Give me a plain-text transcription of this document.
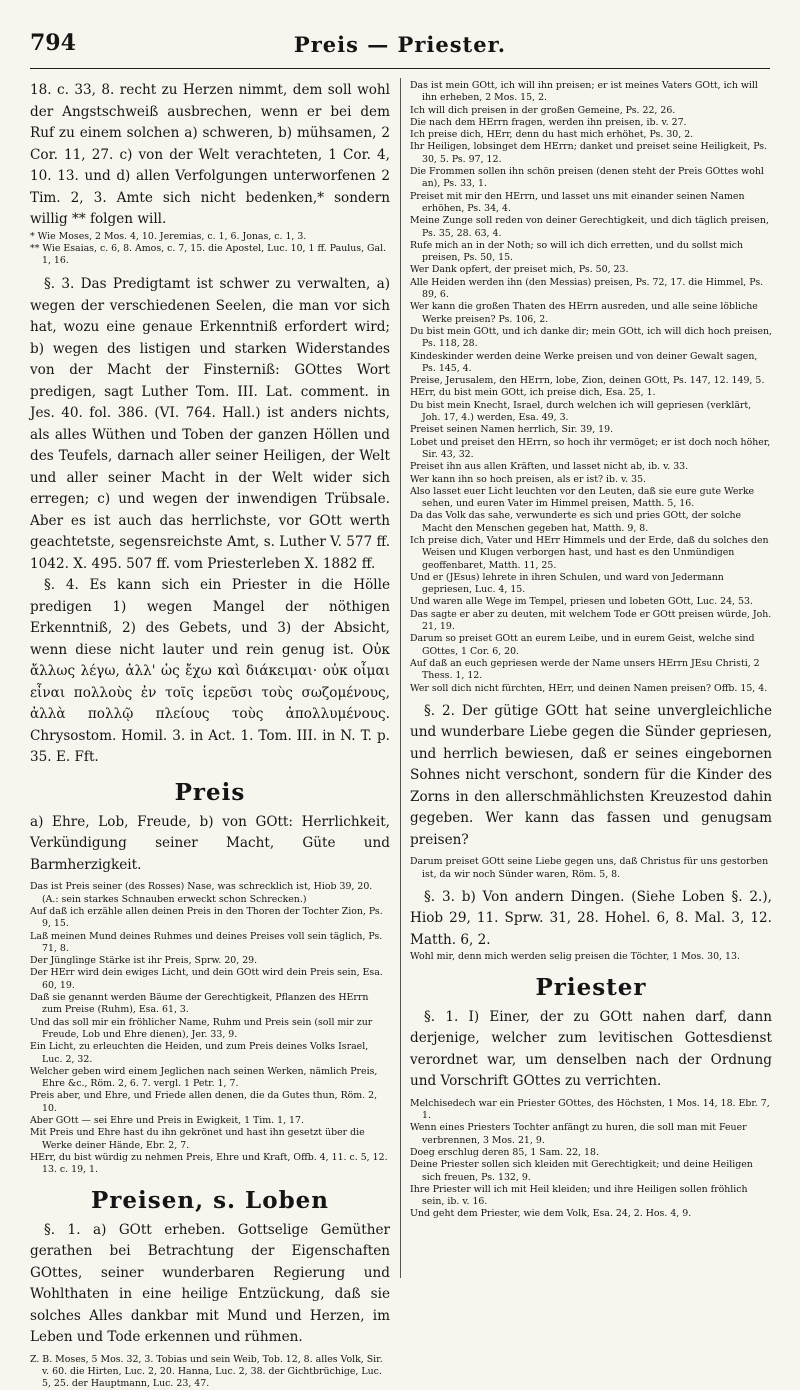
794	Preis — Priester.

18. c. 33, 8. recht zu Herzen nimmt, dem soll wohl der Angstschweiß ausbrechen, wenn er bei dem Ruf zu einem solchen a) schweren, b) mühsamen, 2 Cor. 11, 27. c) von der Welt verachteten, 1 Cor. 4, 10. 13. und d) allen Verfolgungen unterworfenen 2 Tim. 2, 3. Amte sich nicht bedenken,* sondern willig ** folgen will.

* Wie Moses, 2 Mos. 4, 10. Jeremias, c. 1, 6. Jonas, c. 1, 3.

** Wie Esaias, c. 6, 8. Amos, c. 7, 15. die Apostel, Luc. 10, 1 ff. Paulus, Gal. 1, 16.

§. 3. Das Predigtamt ist schwer zu verwalten, a) wegen der verschiedenen Seelen, die man vor sich hat, wozu eine genaue Erkenntniß erfordert wird; b) wegen des listigen und starken Widerstandes von der Macht der Finsterniß: GOttes Wort predigen, sagt Luther Tom. III. Lat. comment. in Jes. 40. fol. 386. (VI. 764. Hall.) ist anders nichts, als alles Wüthen und Toben der ganzen Höllen und des Teufels, darnach aller seiner Heiligen, der Welt und aller seiner Macht in der Welt wider sich erregen; c) und wegen der inwendigen Trübsale. Aber es ist auch das herrlichste, vor GOtt werth geachtetste, segensreichste Amt, s. Luther V. 577 ff. 1042. X. 495. 507 ff. vom Priesterleben X. 1882 ff.

§. 4. Es kann sich ein Priester in die Hölle predigen 1) wegen Mangel der nöthigen Erkenntniß, 2) des Gebets, und 3) der Absicht, wenn diese nicht lauter und rein genug ist. Οὐκ ἄλλως λέγω, ἀλλ' ὡς ἔχω καὶ διάκειμαι· οὐκ οἶμαι εἶναι πολλοὺς ἐν τοῖς ἱερεῦσι τοὺς σωζομένους, ἀλλὰ πολλῷ πλείους τοὺς ἀπολλυμένους. Chrysostom. Homil. 3. in Act. 1. Tom. III. in N. T. p. 35. E. Fft.

Preis

a) Ehre, Lob, Freude, b) von GOtt: Herrlichkeit, Verkündigung seiner Macht, Güte und Barmherzigkeit.

Das ist Preis seiner (des Rosses) Nase, was schrecklich ist, Hiob 39, 20. (A.: sein starkes Schnauben erweckt schon Schrecken.)

Auf daß ich erzähle allen deinen Preis in den Thoren der Tochter Zion, Ps. 9, 15.

Laß meinen Mund deines Ruhmes und deines Preises voll sein täglich, Ps. 71, 8.

Der Jünglinge Stärke ist ihr Preis, Sprw. 20, 29.

Der HErr wird dein ewiges Licht, und dein GOtt wird dein Preis sein, Esa. 60, 19.

Daß sie genannt werden Bäume der Gerechtigkeit, Pflanzen des HErrn zum Preise (Ruhm), Esa. 61, 3.

Und das soll mir ein fröhlicher Name, Ruhm und Preis sein (soll mir zur Freude, Lob und Ehre dienen), Jer. 33, 9.

Ein Licht, zu erleuchten die Heiden, und zum Preis deines Volks Israel, Luc. 2, 32.

Welcher geben wird einem Jeglichen nach seinen Werken, nämlich Preis, Ehre &c., Röm. 2, 6. 7. vergl. 1 Petr. 1, 7.

Preis aber, und Ehre, und Friede allen denen, die da Gutes thun, Röm. 2, 10.

Aber GOtt — sei Ehre und Preis in Ewigkeit, 1 Tim. 1, 17.

Mit Preis und Ehre hast du ihn gekrönet und hast ihn gesetzt über die Werke deiner Hände, Ebr. 2, 7.

HErr, du bist würdig zu nehmen Preis, Ehre und Kraft, Offb. 4, 11. c. 5, 12. 13. c. 19, 1.

Preisen, s. Loben

§. 1. a) GOtt erheben. Gottselige Gemüther gerathen bei Betrachtung der Eigenschaften GOttes, seiner wunderbaren Regierung und Wohlthaten in eine heilige Entzückung, daß sie solches Alles dankbar mit Mund und Herzen, im Leben und Tode erkennen und rühmen.

Z. B. Moses, 5 Mos. 32, 3. Tobias und sein Weib, Tob. 12, 8. alles Volk, Sir. v. 60. die Hirten, Luc. 2, 20. Hanna, Luc. 2, 38. der Gichtbrüchige, Luc. 5, 25. der Hauptmann, Luc. 23, 47.

Das ist mein GOtt, ich will ihn preisen; er ist meines Vaters GOtt, ich will ihn erheben, 2 Mos. 15, 2.

Ich will dich preisen in der großen Gemeine, Ps. 22, 26.

Die nach dem HErrn fragen, werden ihn preisen, ib. v. 27.

Ich preise dich, HErr, denn du hast mich erhöhet, Ps. 30, 2.

Ihr Heiligen, lobsinget dem HErrn; danket und preiset seine Heiligkeit, Ps. 30, 5. Ps. 97, 12.

Die Frommen sollen ihn schön preisen (denen steht der Preis GOttes wohl an), Ps. 33, 1.

Preiset mit mir den HErrn, und lasset uns mit einander seinen Namen erhöhen, Ps. 34, 4.

Meine Zunge soll reden von deiner Gerechtigkeit, und dich täglich preisen, Ps. 35, 28. 63, 4.

Rufe mich an in der Noth; so will ich dich erretten, und du sollst mich preisen, Ps. 50, 15.

Wer Dank opfert, der preiset mich, Ps. 50, 23.

Alle Heiden werden ihn (den Messias) preisen, Ps. 72, 17. die Himmel, Ps. 89, 6.

Wer kann die großen Thaten des HErrn ausreden, und alle seine löbliche Werke preisen? Ps. 106, 2.

Du bist mein GOtt, und ich danke dir; mein GOtt, ich will dich hoch preisen, Ps. 118, 28.

Kindeskinder werden deine Werke preisen und von deiner Gewalt sagen, Ps. 145, 4.

Preise, Jerusalem, den HErrn, lobe, Zion, deinen GOtt, Ps. 147, 12. 149, 5.

HErr, du bist mein GOtt, ich preise dich, Esa. 25, 1.

Du bist mein Knecht, Israel, durch welchen ich will gepriesen (verklärt, Joh. 17, 4.) werden, Esa. 49, 3.

Preiset seinen Namen herrlich, Sir. 39, 19.

Lobet und preiset den HErrn, so hoch ihr vermöget; er ist doch noch höher, Sir. 43, 32.

Preiset ihn aus allen Kräften, und lasset nicht ab, ib. v. 33.

Wer kann ihn so hoch preisen, als er ist? ib. v. 35.

Also lasset euer Licht leuchten vor den Leuten, daß sie eure gute Werke sehen, und euren Vater im Himmel preisen, Matth. 5, 16.

Da das Volk das sahe, verwunderte es sich und pries GOtt, der solche Macht den Menschen gegeben hat, Matth. 9, 8.

Ich preise dich, Vater und HErr Himmels und der Erde, daß du solches den Weisen und Klugen verborgen hast, und hast es den Unmündigen geoffenbaret, Matth. 11, 25.

Und er (JEsus) lehrete in ihren Schulen, und ward von Jedermann gepriesen, Luc. 4, 15.

Und waren alle Wege im Tempel, priesen und lobeten GOtt, Luc. 24, 53.

Das sagte er aber zu deuten, mit welchem Tode er GOtt preisen würde, Joh. 21, 19.

Darum so preiset GOtt an eurem Leibe, und in eurem Geist, welche sind GOttes, 1 Cor. 6, 20.

Auf daß an euch gepriesen werde der Name unsers HErrn JEsu Christi, 2 Thess. 1, 12.

Wer soll dich nicht fürchten, HErr, und deinen Namen preisen? Offb. 15, 4.

§. 2. Der gütige GOtt hat seine unvergleichliche und wunderbare Liebe gegen die Sünder gepriesen, und herrlich bewiesen, daß er seines eingebornen Sohnes nicht verschont, sondern für die Kinder des Zorns in den allerschmählichsten Kreuzestod dahin gegeben. Wer kann das fassen und genugsam preisen?

Darum preiset GOtt seine Liebe gegen uns, daß Christus für uns gestorben ist, da wir noch Sünder waren, Röm. 5, 8.

§. 3. b) Von andern Dingen. (Siehe Loben §. 2.), Hiob 29, 11. Sprw. 31, 28. Hohel. 6, 8. Mal. 3, 12. Matth. 6, 2.

Wohl mir, denn mich werden selig preisen die Töchter, 1 Mos. 30, 13.

Priester

§. 1. I) Einer, der zu GOtt nahen darf, dann derjenige, welcher zum levitischen Gottesdienst verordnet war, um denselben nach der Ordnung und Vorschrift GOttes zu verrichten.

Melchisedech war ein Priester GOttes, des Höchsten, 1 Mos. 14, 18. Ebr. 7, 1.

Wenn eines Priesters Tochter anfängt zu huren, die soll man mit Feuer verbrennen, 3 Mos. 21, 9.

Doeg erschlug deren 85, 1 Sam. 22, 18.

Deine Priester sollen sich kleiden mit Gerechtigkeit; und deine Heiligen sich freuen, Ps. 132, 9.

Ihre Priester will ich mit Heil kleiden; und ihre Heiligen sollen fröhlich sein, ib. v. 16.

Und geht dem Priester, wie dem Volk, Esa. 24, 2. Hos. 4, 9.
